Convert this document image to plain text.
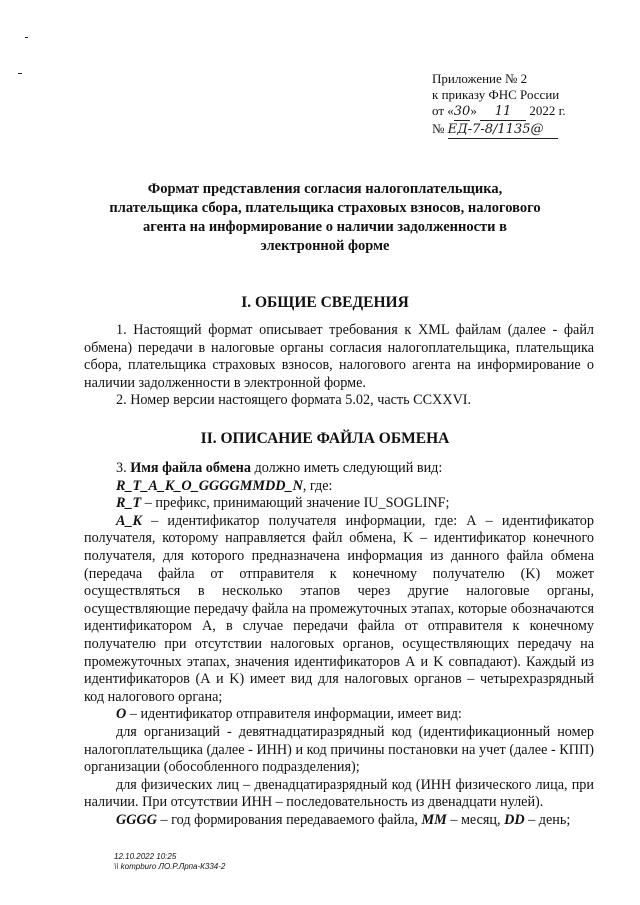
Приложение № 2
к приказу ФНС России
от «30» 11 2022 г.
№ ЕД-7-8/1135@
Формат представления согласия налогоплательщика,
плательщика сбора, плательщика страховых взносов, налогового
агента на информирование о наличии задолженности в
электронной форме
I. ОБЩИЕ СВЕДЕНИЯ

1. Настоящий формат описывает требования к XML файлам (далее - файл обмена) передачи в налоговые органы согласия налогоплательщика, плательщика сбора, плательщика страховых взносов, налогового агента на информирование о наличии задолженности в электронной форме.

2. Номер версии настоящего формата 5.02, часть CCXXVI.

II. ОПИСАНИЕ ФАЙЛА ОБМЕНА

3. Имя файла обмена должно иметь следующий вид:

R_T_A_K_O_GGGGMMDD_N, где:

R_T – префикс, принимающий значение IU_SOGLINF;

A_K – идентификатор получателя информации, где: А – идентификатор получателя, которому направляется файл обмена, K – идентификатор конечного получателя, для которого предназначена информация из данного файла обмена (передача файла от отправителя к конечному получателю (K) может осуществляться в несколько этапов через другие налоговые органы, осуществляющие передачу файла на промежуточных этапах, которые обозначаются идентификатором А, в случае передачи файла от отправителя к конечному получателю при отсутствии налоговых органов, осуществляющих передачу на промежуточных этапах, значения идентификаторов А и K совпадают). Каждый из идентификаторов (А и K) имеет вид для налоговых органов – четырехразрядный код налогового органа;

O – идентификатор отправителя информации, имеет вид:

для организаций - девятнадцатиразрядный код (идентификационный номер налогоплательщика (далее - ИНН) и код причины постановки на учет (далее - КПП) организации (обособленного подразделения);

для физических лиц – двенадцатиразрядный код (ИНН физического лица, при наличии. При отсутствии ИНН – последовательность из двенадцати нулей).

GGGG – год формирования передаваемого файла, MM – месяц, DD – день;

12.10.2022 10:25
\\ kompburo ЛО.Р.Лрпа-К334-2
